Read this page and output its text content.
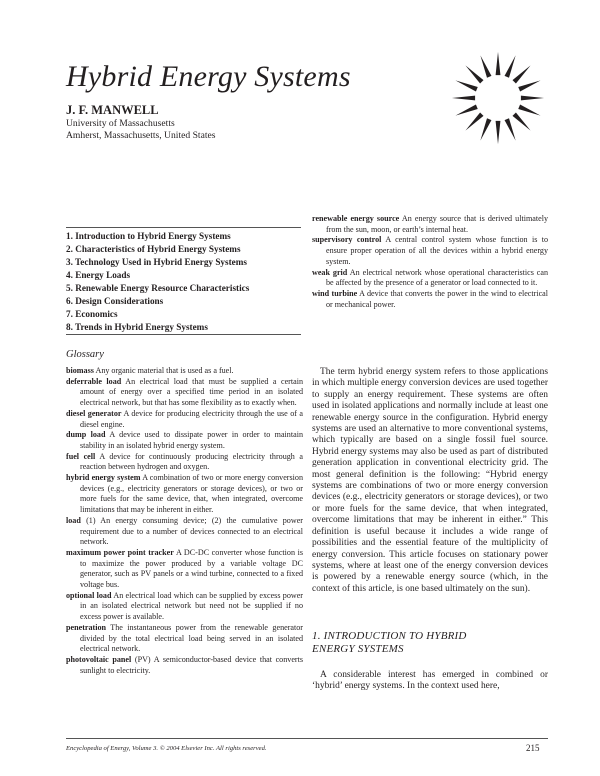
Hybrid Energy Systems
J. F. MANWELL
University of Massachusetts
Amherst, Massachusetts, United States
1. Introduction to Hybrid Energy Systems
2. Characteristics of Hybrid Energy Systems
3. Technology Used in Hybrid Energy Systems
4. Energy Loads
5. Renewable Energy Resource Characteristics
6. Design Considerations
7. Economics
8. Trends in Hybrid Energy Systems
Glossary

biomass Any organic material that is used as a fuel.

deferrable load An electrical load that must be supplied a certain amount of energy over a specified time period in an isolated electrical network, but that has some flexibility as to exactly when.

diesel generator A device for producing electricity through the use of a diesel engine.

dump load A device used to dissipate power in order to maintain stability in an isolated hybrid energy system.

fuel cell A device for continuously producing electricity through a reaction between hydrogen and oxygen.

hybrid energy system A combination of two or more energy conversion devices (e.g., electricity generators or storage devices), or two or more fuels for the same device, that, when integrated, overcome limitations that may be inherent in either.

load (1) An energy consuming device; (2) the cumulative power requirement due to a number of devices connected to an electrical network.

maximum power point tracker A DC-DC converter whose function is to maximize the power produced by a variable voltage DC generator, such as PV panels or a wind turbine, connected to a fixed voltage bus.

optional load An electrical load which can be supplied by excess power in an isolated electrical network but need not be supplied if no excess power is available.

penetration The instantaneous power from the renewable generator divided by the total electrical load being served in an isolated electrical network.

photovoltaic panel (PV) A semiconductor-based device that converts sunlight to electricity.

renewable energy source An energy source that is derived ultimately from the sun, moon, or earth’s internal heat.

supervisory control A central control system whose function is to ensure proper operation of all the devices within a hybrid energy system.

weak grid An electrical network whose operational characteristics can be affected by the presence of a generator or load connected to it.

wind turbine A device that converts the power in the wind to electrical or mechanical power.

The term hybrid energy system refers to those applications in which multiple energy conversion devices are used together to supply an energy requirement. These systems are often used in isolated applications and normally include at least one renewable energy source in the configuration. Hybrid energy systems are used an alternative to more conventional systems, which typically are based on a single fossil fuel source. Hybrid energy systems may also be used as part of distributed generation application in conventional electricity grid. The most general definition is the following: “Hybrid energy systems are combinations of two or more energy conversion devices (e.g., electricity generators or storage devices), or two or more fuels for the same device, that when integrated, overcome limitations that may be inherent in either.” This definition is useful because it includes a wide range of possibilities and the essential feature of the multiplicity of energy conversion. This article focuses on stationary power systems, where at least one of the energy conversion devices is powered by a renewable energy source (which, in the context of this article, is one based ultimately on the sun).

1. INTRODUCTION TO HYBRID
ENERGY SYSTEMS

A considerable interest has emerged in combined or ‘hybrid’ energy systems. In the context used here,

Encyclopedia of Energy, Volume 3. © 2004 Elsevier Inc. All rights reserved.	215
